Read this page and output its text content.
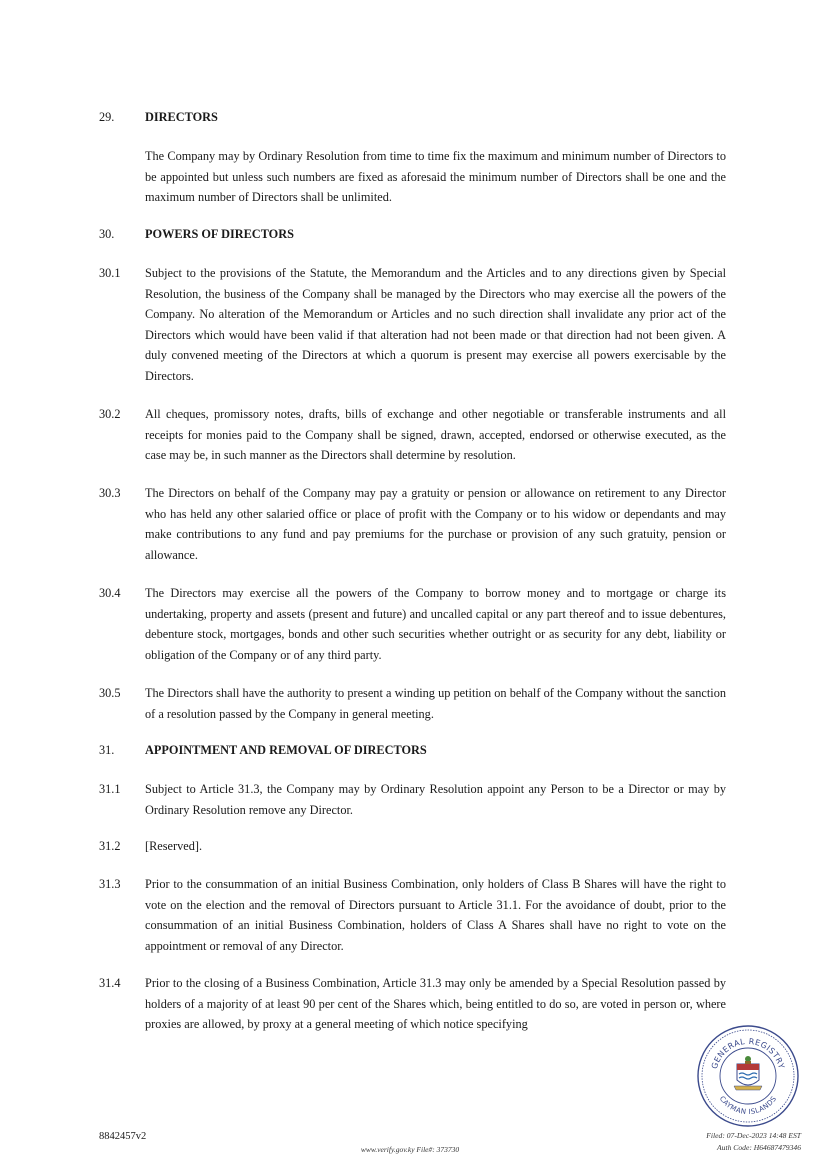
29.	DIRECTORS
The Company may by Ordinary Resolution from time to time fix the maximum and minimum number of Directors to be appointed but unless such numbers are fixed as aforesaid the minimum number of Directors shall be one and the maximum number of Directors shall be unlimited.
30.	POWERS OF DIRECTORS
30.1	Subject to the provisions of the Statute, the Memorandum and the Articles and to any directions given by Special Resolution, the business of the Company shall be managed by the Directors who may exercise all the powers of the Company. No alteration of the Memorandum or Articles and no such direction shall invalidate any prior act of the Directors which would have been valid if that alteration had not been made or that direction had not been given. A duly convened meeting of the Directors at which a quorum is present may exercise all powers exercisable by the Directors.
30.2	All cheques, promissory notes, drafts, bills of exchange and other negotiable or transferable instruments and all receipts for monies paid to the Company shall be signed, drawn, accepted, endorsed or otherwise executed, as the case may be, in such manner as the Directors shall determine by resolution.
30.3	The Directors on behalf of the Company may pay a gratuity or pension or allowance on retirement to any Director who has held any other salaried office or place of profit with the Company or to his widow or dependants and may make contributions to any fund and pay premiums for the purchase or provision of any such gratuity, pension or allowance.
30.4	The Directors may exercise all the powers of the Company to borrow money and to mortgage or charge its undertaking, property and assets (present and future) and uncalled capital or any part thereof and to issue debentures, debenture stock, mortgages, bonds and other such securities whether outright or as security for any debt, liability or obligation of the Company or of any third party.
30.5	The Directors shall have the authority to present a winding up petition on behalf of the Company without the sanction of a resolution passed by the Company in general meeting.
31.	APPOINTMENT AND REMOVAL OF DIRECTORS
31.1	Subject to Article 31.3, the Company may by Ordinary Resolution appoint any Person to be a Director or may by Ordinary Resolution remove any Director.
31.2	[Reserved].
31.3	Prior to the consummation of an initial Business Combination, only holders of Class B Shares will have the right to vote on the election and the removal of Directors pursuant to Article 31.1. For the avoidance of doubt, prior to the consummation of an initial Business Combination, holders of Class A Shares shall have no right to vote on the appointment or removal of any Director.
31.4	Prior to the closing of a Business Combination, Article 31.3 may only be amended by a Special Resolution passed by holders of a majority of at least 90 per cent of the Shares which, being entitled to do so, are voted in person or, where proxies are allowed, by proxy at a general meeting of which notice specifying
8842457v2
www.verify.gov.ky File#: 373730
GENERAL REGISTRY
CAYMAN ISLANDS
Filed: 07-Dec-2023 14:48 EST
Auth Code: H64687479346
